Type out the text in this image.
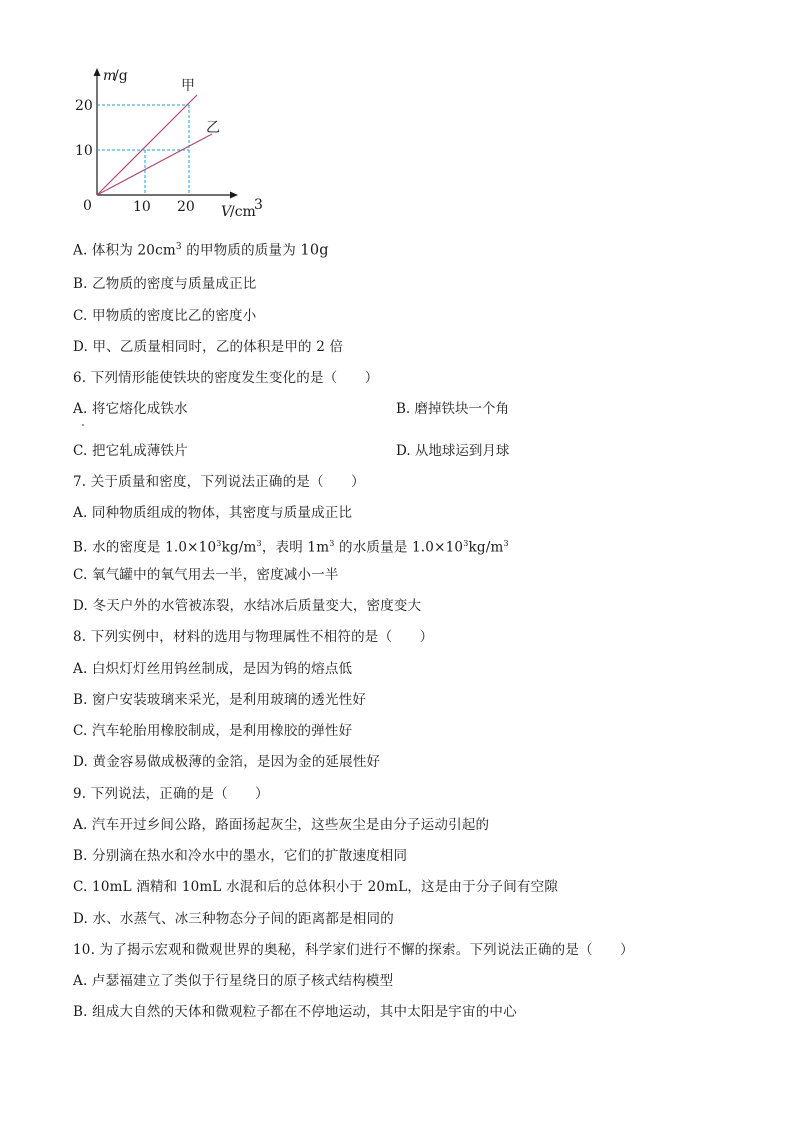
m
/g
20
10
0	10 20 V
/cm
3
甲
乙
A. 体积为 $20cm^3$ 的甲物质的质量为 10g
B. 乙物质的密度与质量成正比
C. 甲物质的密度比乙的密度小
D. 甲、乙质量相同时，乙的体积是甲的 2 倍
6. 下列情形能使铁块的密度发生变化的是（　　）
A. 将它熔化成铁水	B. 磨掉铁块一个角
C. 把它轧成薄铁片	D. 从地球运到月球
7. 关于质量和密度，下列说法正确的是（　　）
A. 同种物质组成的物体，其密度与质量成正比
B. 水的密度是 $1.0\times 10^3kg/m^3$，表明 $1m^3$ 的水质量是 $1.0\times 10^3kg/m^3$
C. 氧气罐中的氧气用去一半，密度减小一半
D. 冬天户外的水管被冻裂，水结冰后质量变大，密度变大
8. 下列实例中，材料的选用与物理属性不相符的是（　　）
A. 白炽灯灯丝用钨丝制成，是因为钨的熔点低
B. 窗户安装玻璃来采光，是利用玻璃的透光性好
C. 汽车轮胎用橡胶制成，是利用橡胶的弹性好
D. 黄金容易做成极薄的金箔，是因为金的延展性好
9. 下列说法，正确的是（　　）
A. 汽车开过乡间公路，路面扬起灰尘，这些灰尘是由分子运动引起的
B. 分别滴在热水和冷水中的墨水，它们的扩散速度相同
C. 10mL 酒精和 10mL 水混和后的总体积小于 20mL，这是由于分子间有空隙
D. 水、水蒸气、冰三种物态分子间的距离都是相同的
10. 为了揭示宏观和微观世界的奥秘，科学家们进行不懈的探索。下列说法正确的是（　　）
A. 卢瑟福建立了类似于行星绕日的原子核式结构模型
B. 组成大自然的天体和微观粒子都在不停地运动，其中太阳是宇宙的中心
